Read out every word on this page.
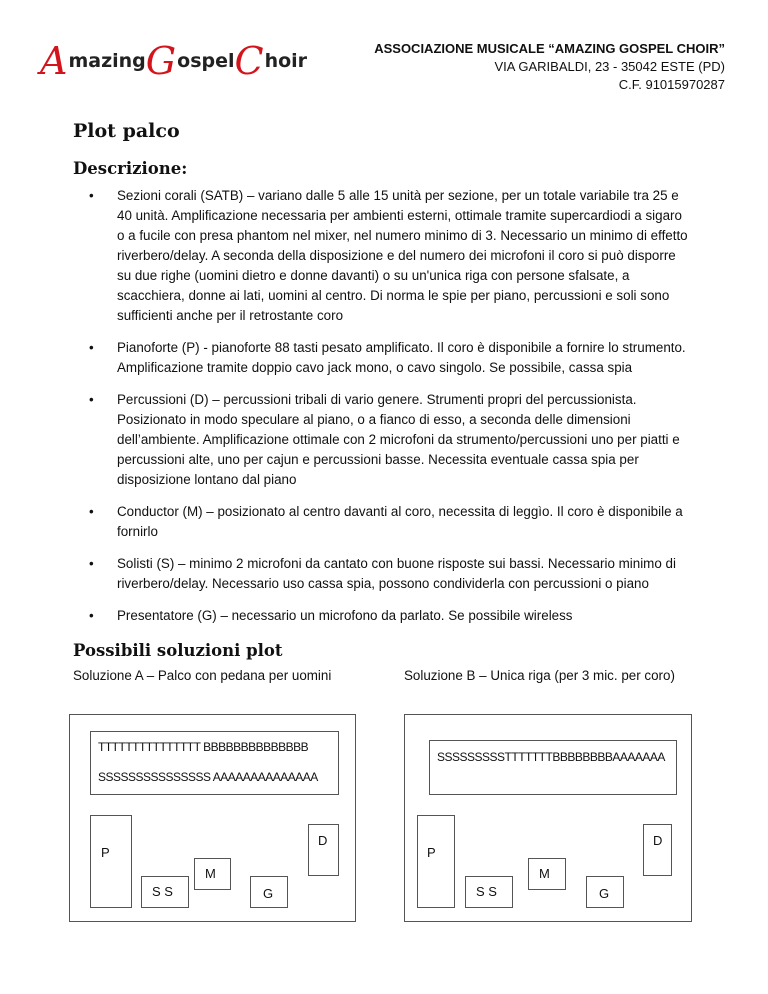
A mazing G ospel C hoir
ASSOCIAZIONE MUSICALE “AMAZING GOSPEL CHOIR”
VIA GARIBALDI, 23 - 35042 ESTE (PD)
C.F. 91015970287
Plot palco
Descrizione:
• Sezioni corali (SATB) – variano dalle 5 alle 15 unità per sezione, per un totale variabile tra 25 e 40 unità. Amplificazione necessaria per ambienti esterni, ottimale tramite supercardiodi a sigaro o a fucile con presa phantom nel mixer, nel numero minimo di 3. Necessario un minimo di effetto riverbero/delay. A seconda della disposizione e del numero dei microfoni il coro si può disporre su due righe (uomini dietro e donne davanti) o su un'unica riga con persone sfalsate, a scacchiera, donne ai lati, uomini al centro. Di norma le spie per piano, percussioni e soli sono sufficienti anche per il retrostante coro
• Pianoforte (P) - pianoforte 88 tasti pesato amplificato. Il coro è disponibile a fornire lo strumento. Amplificazione tramite doppio cavo jack mono, o cavo singolo. Se possibile, cassa spia
• Percussioni (D) – percussioni tribali di vario genere. Strumenti propri del percussionista. Posizionato in modo speculare al piano, o a fianco di esso, a seconda delle dimensioni dell’ambiente. Amplificazione ottimale con 2 microfoni da strumento/percussioni uno per piatti e percussioni alte, uno per cajun e percussioni basse. Necessita eventuale cassa spia per disposizione lontano dal piano
• Conductor (M) – posizionato al centro davanti al coro, necessita di leggìo. Il coro è disponibile a fornirlo
• Solisti (S) – minimo 2 microfoni da cantato con buone risposte sui bassi. Necessario minimo di riverbero/delay. Necessario uso cassa spia, possono condividerla con percussioni o piano
• Presentatore (G) – necessario un microfono da parlato. Se possibile wireless
Possibili soluzioni plot
Soluzione A – Palco con pedana per uomini	Soluzione B – Unica riga (per 3 mic. per coro)
TTTTTTTTTTTTTTT BBBBBBBBBBBBBB
SSSSSSSSSSSSSSS AAAAAAAAAAAAAA
P
S S
M
G
D
SSSSSSSSSTTTTTTTBBBBBBBBAAAAAAA
P
S S
M
G
D
